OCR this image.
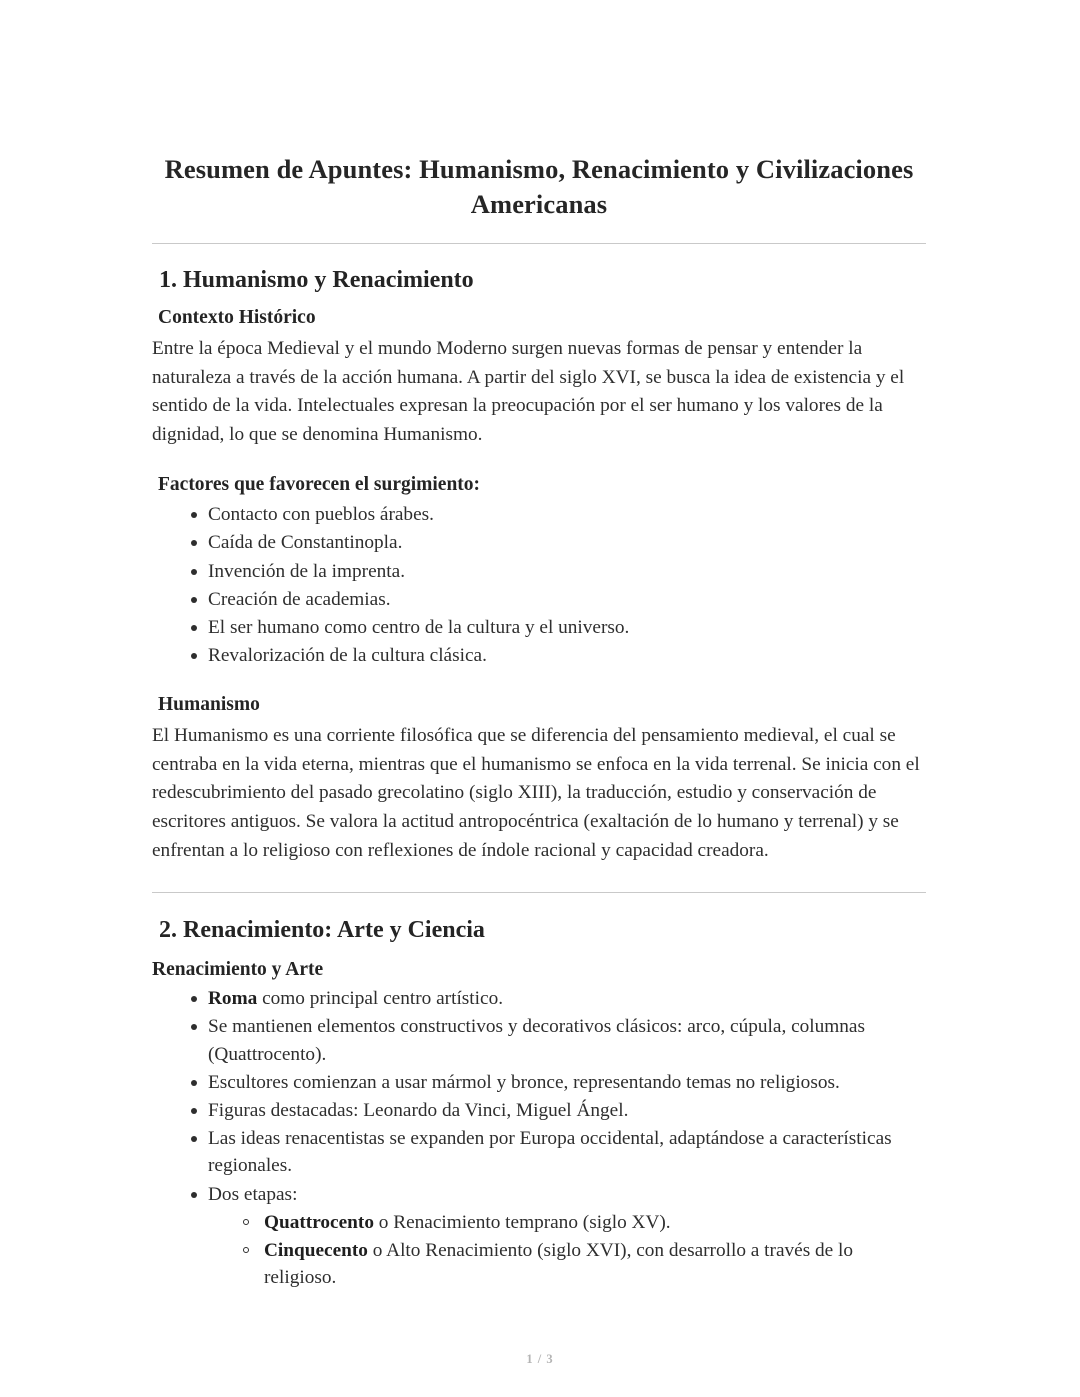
Resumen de Apuntes: Humanismo, Renacimiento y Civilizaciones Americanas
1. Humanismo y Renacimiento
Contexto Histórico

Entre la época Medieval y el mundo Moderno surgen nuevas formas de pensar y entender la naturaleza a través de la acción humana. A partir del siglo XVI, se busca la idea de existencia y el sentido de la vida. Intelectuales expresan la preocupación por el ser humano y los valores de la dignidad, lo que se denomina Humanismo.

Factores que favorecen el surgimiento:
Contacto con pueblos árabes.
Caída de Constantinopla.
Invención de la imprenta.
Creación de academias.
El ser humano como centro de la cultura y el universo.
Revalorización de la cultura clásica.
Humanismo

El Humanismo es una corriente filosófica que se diferencia del pensamiento medieval, el cual se centraba en la vida eterna, mientras que el humanismo se enfoca en la vida terrenal. Se inicia con el redescubrimiento del pasado grecolatino (siglo XIII), la traducción, estudio y conservación de escritores antiguos. Se valora la actitud antropocéntrica (exaltación de lo humano y terrenal) y se enfrentan a lo religioso con reflexiones de índole racional y capacidad creadora.

2. Renacimiento: Arte y Ciencia
Renacimiento y Arte
Roma como principal centro artístico.
Se mantienen elementos constructivos y decorativos clásicos: arco, cúpula, columnas (Quattrocento).
Escultores comienzan a usar mármol y bronce, representando temas no religiosos.
Figuras destacadas: Leonardo da Vinci, Miguel Ángel.
Las ideas renacentistas se expanden por Europa occidental, adaptándose a características regionales.
Dos etapas:
Quattrocento o Renacimiento temprano (siglo XV).
Cinquecento o Alto Renacimiento (siglo XVI), con desarrollo a través de lo religioso.
1 / 3
